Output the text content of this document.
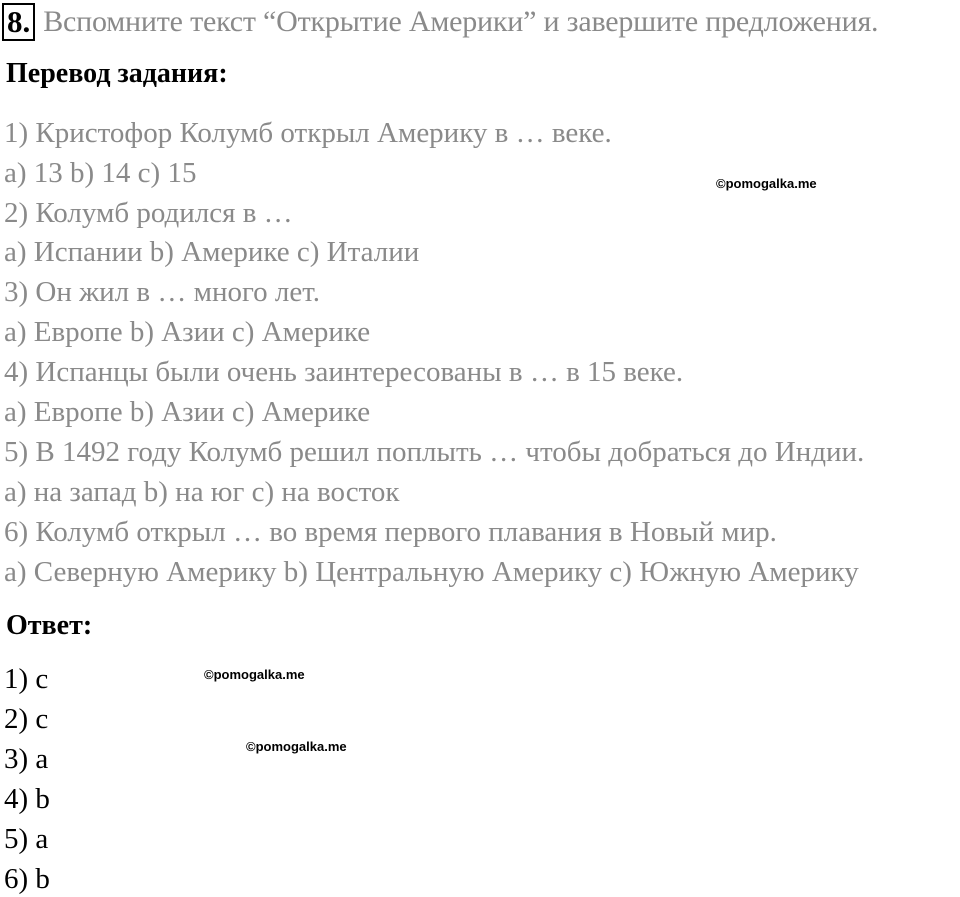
8. Вспомните текст “Открытие Америки” и завершите предложения.
Перевод задания:
1) Кристофор Колумб открыл Америку в … веке.
a) 13 b) 14 c) 15
2) Колумб родился в …
a) Испании b) Америке c) Италии
3) Он жил в … много лет.
a) Европе b) Азии c) Америке
4) Испанцы были очень заинтересованы в … в 15 веке.
a) Европе b) Азии c) Америке
5) В 1492 году Колумб решил поплыть … чтобы добраться до Индии.
a) на запад b) на юг c) на восток
6) Колумб открыл … во время первого плавания в Новый мир.
a) Северную Америку b) Центральную Америку c) Южную Америку
Ответ:
1) c
2) c
3) a
4) b
5) a
6) b
©pomogalka.me
©pomogalka.me
©pomogalka.me
